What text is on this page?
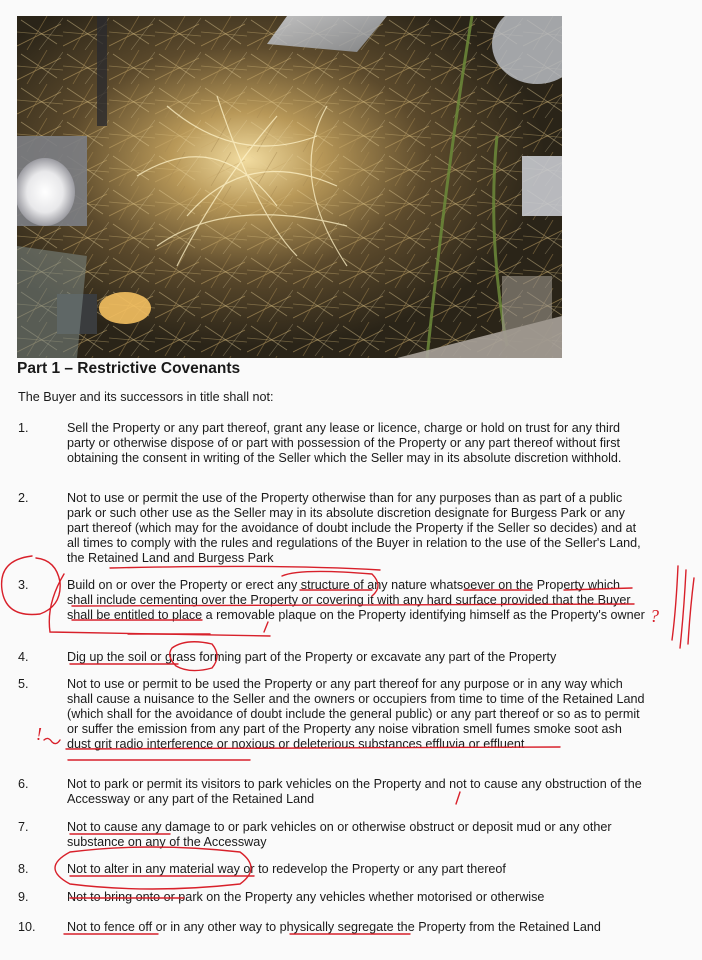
Part 1 – Restrictive Covenants

The Buyer and its successors in title shall not:

1.	Sell the Property or any part thereof, grant any lease or licence, charge or hold on trust for any third party or otherwise dispose of or part with possession of the Property or any part thereof without first obtaining the consent in writing of the Seller which the Seller may in its absolute discretion withhold.

2.	Not to use or permit the use of the Property otherwise than for any purposes than as part of a public park or such other use as the Seller may in its absolute discretion designate for Burgess Park or any part thereof (which may for the avoidance of doubt include the Property if the Seller so decides) and at all times to comply with the rules and regulations of the Buyer in relation to the use of the Seller's Land, the Retained Land and Burgess Park

3.	Build on or over the Property or erect any structure of any nature whatsoever on the Property which shall include cementing over the Property or covering it with any hard surface provided that the Buyer shall be entitled to place a removable plaque on the Property identifying himself as the Property's owner

4.	Dig up the soil or grass forming part of the Property or excavate any part of the Property

5.	Not to use or permit to be used the Property or any part thereof for any purpose or in any way which shall cause a nuisance to the Seller and the owners or occupiers from time to time of the Retained Land (which shall for the avoidance of doubt include the general public) or any part thereof or so as to permit or suffer the emission from any part of the Property any noise vibration smell fumes smoke soot ash dust grit radio interference or noxious or deleterious substances effluvia or effluent

6.	Not to park or permit its visitors to park vehicles on the Property and not to cause any obstruction of the Accessway or any part of the Retained Land

7.	Not to cause any damage to or park vehicles on or otherwise obstruct or deposit mud or any other substance on any of the Accessway

8.	Not to alter in any material way or to redevelop the Property or any part thereof

9.	Not to bring onto or park on the Property any vehicles whether motorised or otherwise

10. Not to fence off or in any other way to physically segregate the Property from the Retained Land

?
!
